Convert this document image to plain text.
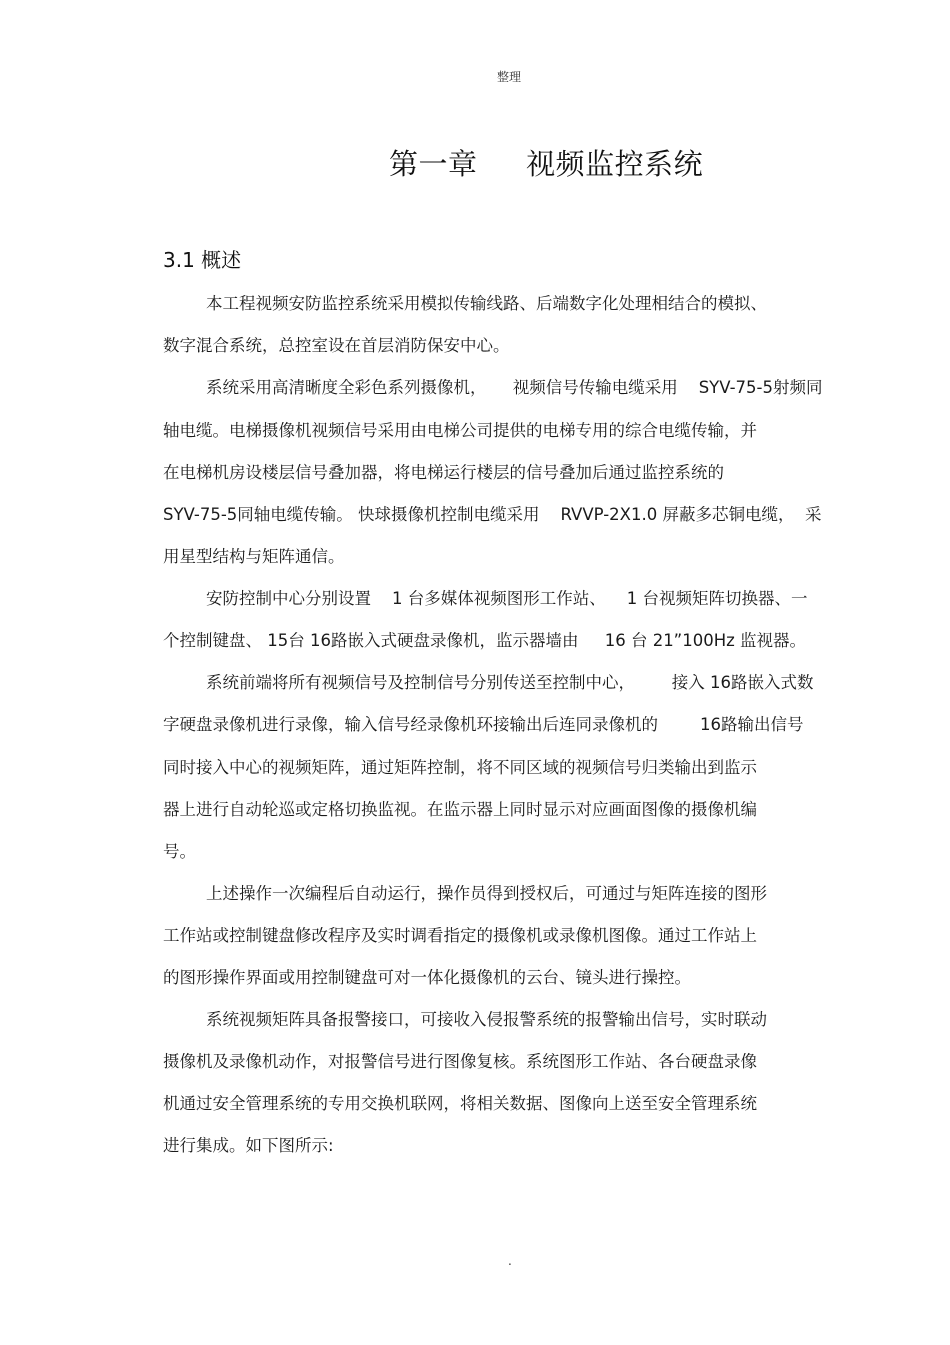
整理
第一章     视频监控系统
3.1 概述
本工程视频安防监控系统采用模拟传输线路、后端数字化处理相结合的模拟、
数字混合系统，总控室设在首层消防保安中心。
系统采用高清晰度全彩色系列摄像机，     视频信号传输电缆采用    SYV-75-5射频同
轴电缆。电梯摄像机视频信号采用由电梯公司提供的电梯专用的综合电缆传输，并
在电梯机房设楼层信号叠加器，将电梯运行楼层的信号叠加后通过监控系统的
SYV-75-5同轴电缆传输。 快球摄像机控制电缆采用    RVVP-2X1.0 屏蔽多芯铜电缆，  采
用星型结构与矩阵通信。
安防控制中心分别设置    1 台多媒体视频图形工作站、    1 台视频矩阵切换器、一
个控制键盘、 15台 16路嵌入式硬盘录像机，监示器墙由     16 台 21”100Hz 监视器。
系统前端将所有视频信号及控制信号分别传送至控制中心，       接入 16路嵌入式数
字硬盘录像机进行录像，输入信号经录像机环接输出后连同录像机的        16路输出信号
同时接入中心的视频矩阵，通过矩阵控制，将不同区域的视频信号归类输出到监示
器上进行自动轮巡或定格切换监视。在监示器上同时显示对应画面图像的摄像机编
号。
上述操作一次编程后自动运行，操作员得到授权后，可通过与矩阵连接的图形
工作站或控制键盘修改程序及实时调看指定的摄像机或录像机图像。通过工作站上
的图形操作界面或用控制键盘可对一体化摄像机的云台、镜头进行操控。
系统视频矩阵具备报警接口，可接收入侵报警系统的报警输出信号，实时联动
摄像机及录像机动作，对报警信号进行图像复核。系统图形工作站、各台硬盘录像
机通过安全管理系统的专用交换机联网，将相关数据、图像向上送至安全管理系统
进行集成。如下图所示:
.
